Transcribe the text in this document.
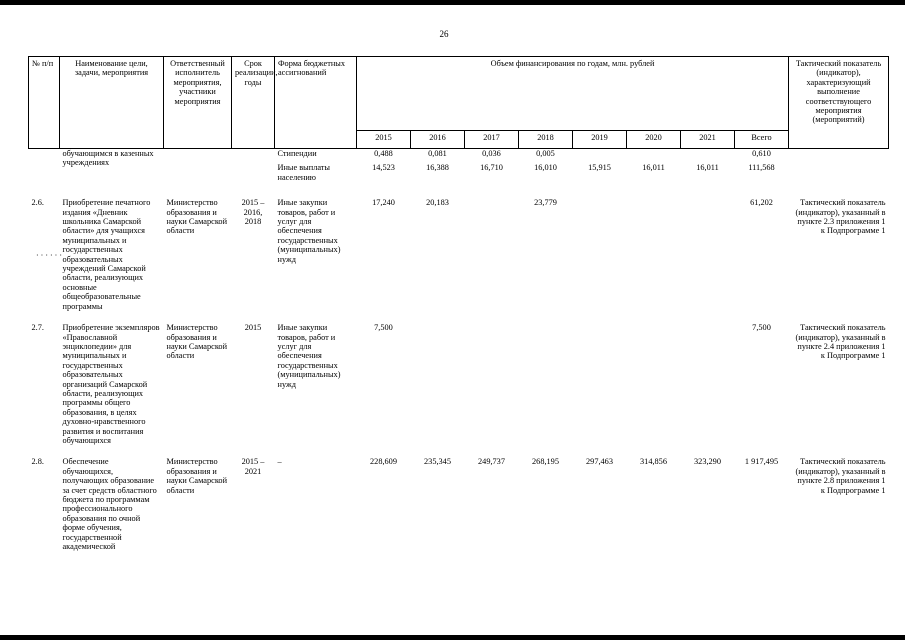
26
№ п/п	Наименование цели, задачи, мероприятия	Ответственный исполнитель мероприятия, участники мероприятия	Срок реализации, годы	Форма бюджетных ассигнований	Объем финансирования по годам, млн. рублей								Тактический показатель (индикатор), характеризующий выполнение соответствующего мероприятия (мероприятий)
					2015	2016	2017	2018	2019	2020	2021	Всего	
	обучающимся в казенных учреждениях			Стипендии	0,488	0,081	0,036	0,005				0,610	
				Иные выплаты населению	14,523	16,388	16,710	16,010	15,915	16,011	16,011	111,568	

2.6.	Приобретение печатного издания «Дневник школьника Самарской области» для учащихся муниципальных и государственных образовательных учреждений Самарской области, реализующих основные общеобразовательные программы	Министерство образования и науки Самарской области	2015 – 2016, 2018	Иные закупки товаров, работ и услуг для обеспечения государственных (муниципальных) нужд	17,240	20,183		23,779				61,202	Тактический показатель (индикатор), указанный в пункте 2.3 приложения 1 к Подпрограмме 1

2.7.	Приобретение экземпляров «Православной энциклопедии» для муниципальных и государственных образовательных организаций Самарской области, реализующих программы общего образования, в целях духовно-нравственного развития и воспитания обучающихся	Министерство образования и науки Самарской области	2015	Иные закупки товаров, работ и услуг для обеспечения государственных (муниципальных) нужд	7,500							7,500	Тактический показатель (индикатор), указанный в пункте 2.4 приложения 1 к Подпрограмме 1

2.8.	Обеспечение обучающихся, получающих образование за счет средств областного бюджета по программам профессионального образования по очной форме обучения, государственной академической	Министерство образования и науки Самарской области	2015 – 2021	–	228,609	235,345	249,737	268,195	297,463	314,856	323,290	1 917,495	Тактический показатель (индикатор), указанный в пункте 2.8 приложения 1 к Подпрограмме 1
· · · · · ·
